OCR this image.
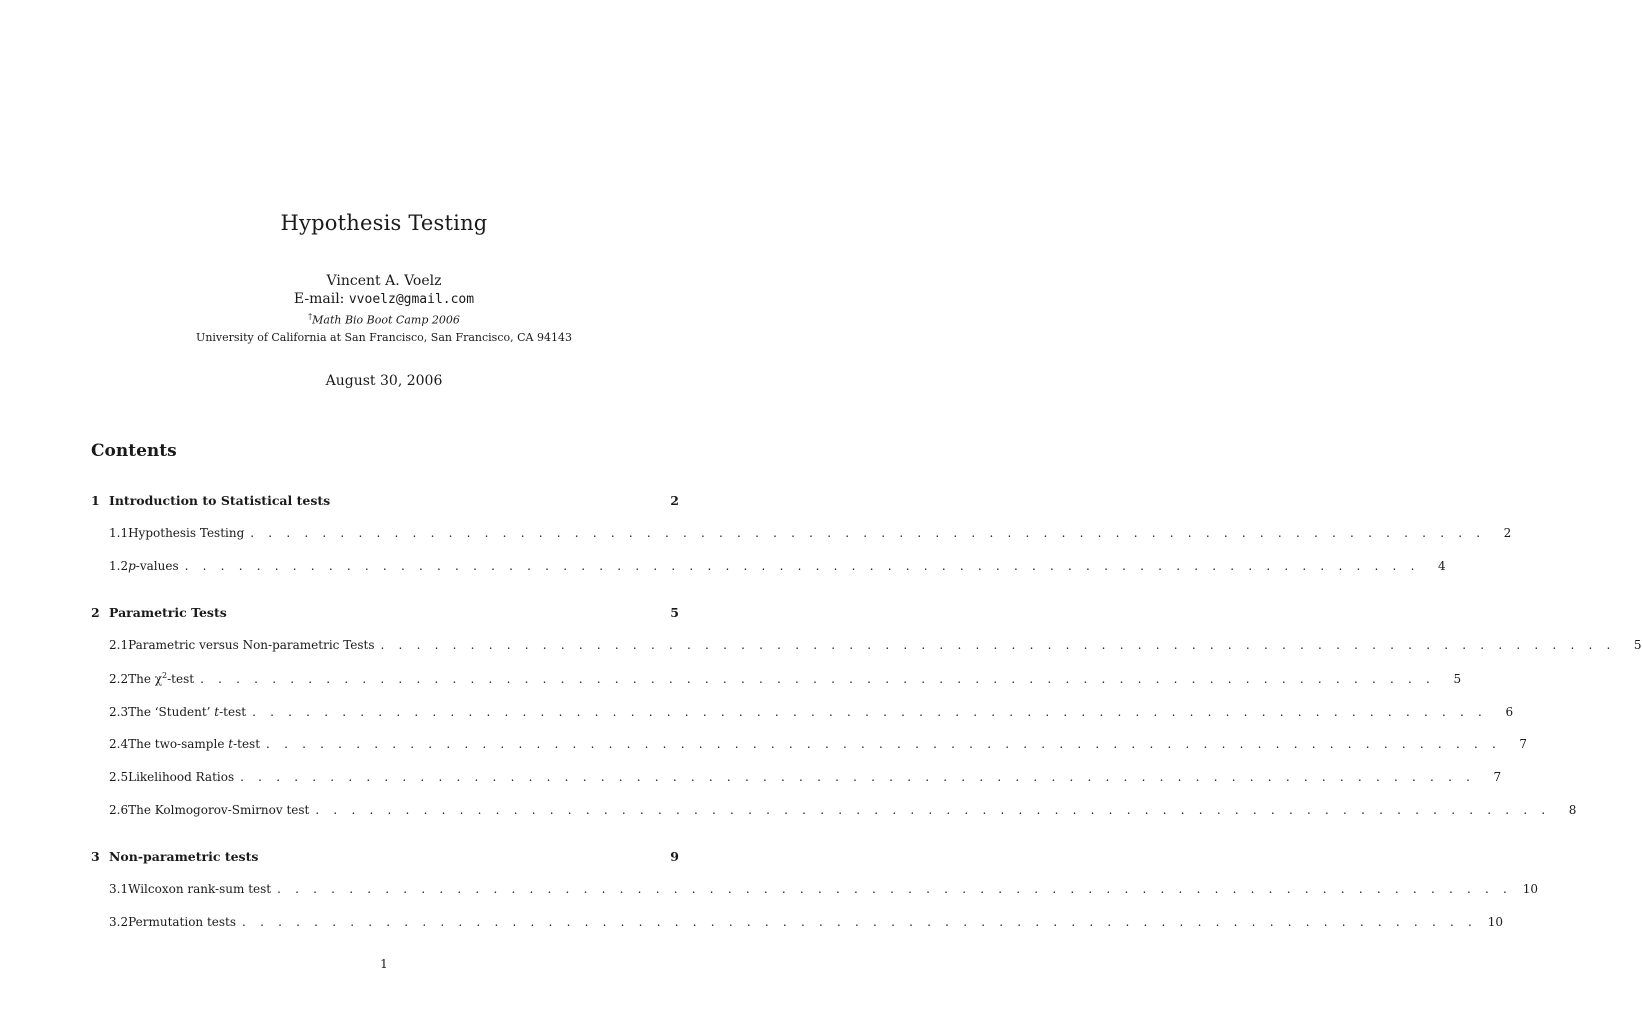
Hypothesis Testing
Vincent A. Voelz
E-mail: vvoelz@gmail.com
†Math Bio Boot Camp 2006
University of California at San Francisco, San Francisco, CA 94143
August 30, 2006
Contents
1 Introduction to Statistical tests	2
1.1 Hypothesis Testing . . . . . . . . . . . . . . . . . . . . . . . . . . . . . . . . . . . . . . . . . . . . . . . . . . . . . . . . . . . . . . . . . . . . .	2
1.2 p-values . . . . . . . . . . . . . . . . . . . . . . . . . . . . . . . . . . . . . . . . . . . . . . . . . . . . . . . . . . . . . . . . . . . . .	4
2 Parametric Tests	5
2.1 Parametric versus Non-parametric Tests . . . . . . . . . . . . . . . . . . . . . . . . . . . . . . . . . . . . . . . . . . . . . . . . . . . . . . . . . . . . . . . . . . . . .	5
2.2 The $\chi^2$-test . . . . . . . . . . . . . . . . . . . . . . . . . . . . . . . . . . . . . . . . . . . . . . . . . . . . . . . . . . . . . . . . . . . . .	5
2.3 The ‘Student’ t-test . . . . . . . . . . . . . . . . . . . . . . . . . . . . . . . . . . . . . . . . . . . . . . . . . . . . . . . . . . . . . . . . . . . . .	6
2.4 The two-sample t-test . . . . . . . . . . . . . . . . . . . . . . . . . . . . . . . . . . . . . . . . . . . . . . . . . . . . . . . . . . . . . . . . . . . . .	7
2.5 Likelihood Ratios . . . . . . . . . . . . . . . . . . . . . . . . . . . . . . . . . . . . . . . . . . . . . . . . . . . . . . . . . . . . . . . . . . . . .	7
2.6 The Kolmogorov-Smirnov test . . . . . . . . . . . . . . . . . . . . . . . . . . . . . . . . . . . . . . . . . . . . . . . . . . . . . . . . . . . . . . . . . . . . .	8
3 Non-parametric tests	9
3.1 Wilcoxon rank-sum test . . . . . . . . . . . . . . . . . . . . . . . . . . . . . . . . . . . . . . . . . . . . . . . . . . . . . . . . . . . . . . . . . . . . . 10
3.2 Permutation tests . . . . . . . . . . . . . . . . . . . . . . . . . . . . . . . . . . . . . . . . . . . . . . . . . . . . . . . . . . . . . . . . . . . . . 10
1
